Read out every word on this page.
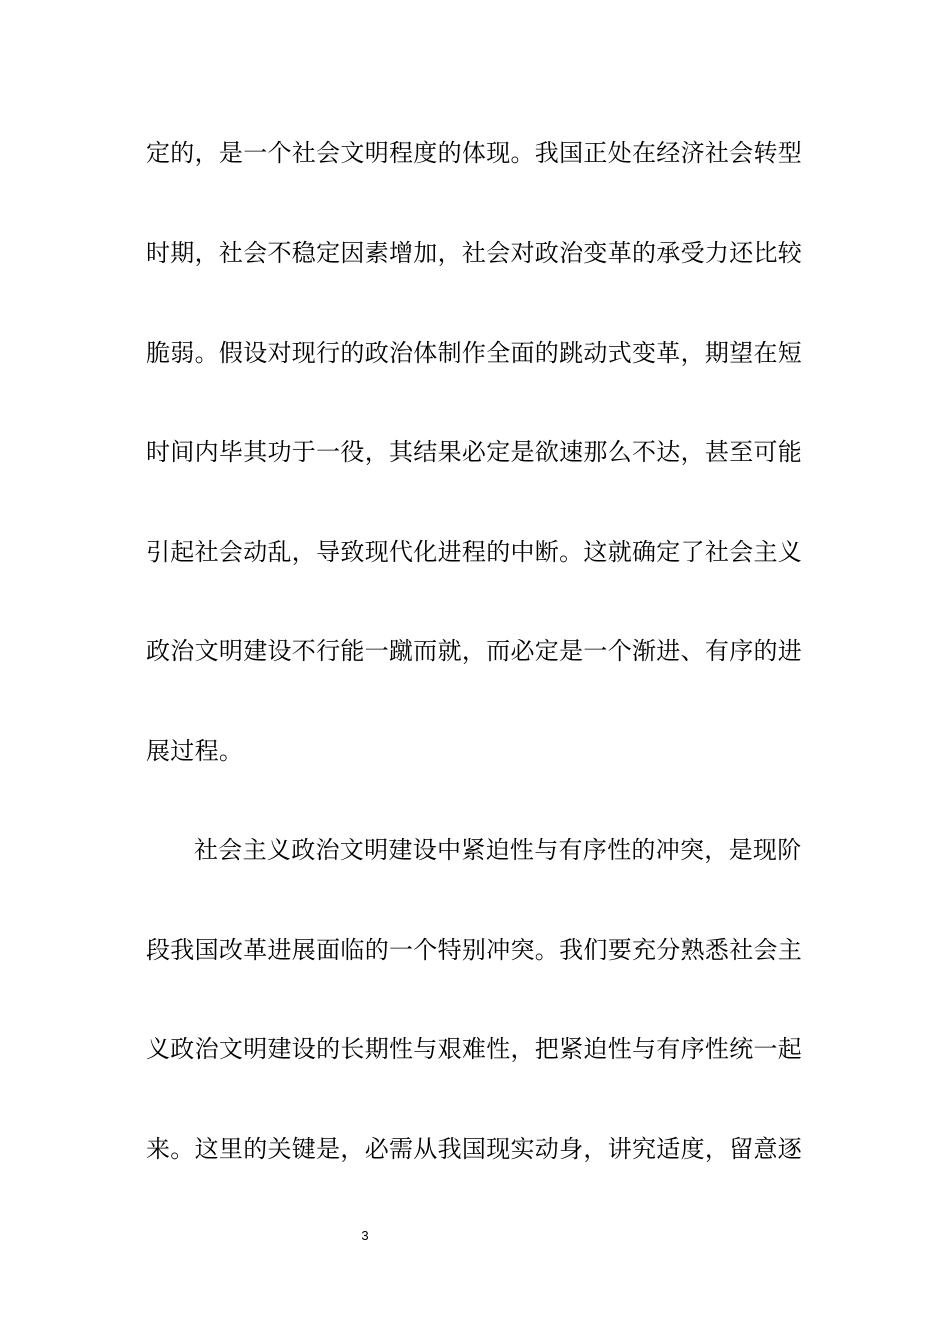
定的，是一个社会文明程度的体现。我国正处在经济社会转型
时期，社会不稳定因素增加，社会对政治变革的承受力还比较
脆弱。假设对现行的政治体制作全面的跳动式变革，期望在短
时间内毕其功于一役，其结果必定是欲速那么不达，甚至可能
引起社会动乱，导致现代化进程的中断。这就确定了社会主义
政治文明建设不行能一蹴而就，而必定是一个渐进、有序的进
展过程。
社会主义政治文明建设中紧迫性与有序性的冲突，是现阶
段我国改革进展面临的一个特别冲突。我们要充分熟悉社会主
义政治文明建设的长期性与艰难性，把紧迫性与有序性统一起
来。这里的关键是，必需从我国现实动身，讲究适度，留意逐
3
